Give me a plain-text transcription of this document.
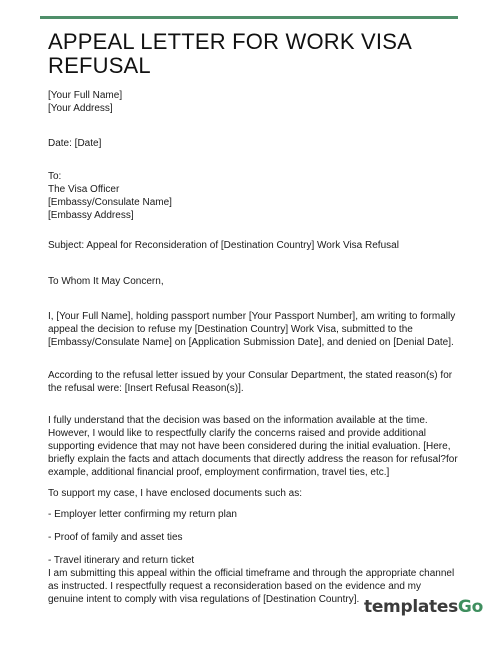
APPEAL LETTER FOR WORK VISA
REFUSAL

[Your Full Name]

[Your Address]

Date: [Date]

To:

The Visa Officer

[Embassy/Consulate Name]

[Embassy Address]

Subject: Appeal for Reconsideration of [Destination Country] Work Visa Refusal

To Whom It May Concern,

I, [Your Full Name], holding passport number [Your Passport Number], am writing to formally

appeal the decision to refuse my [Destination Country] Work Visa, submitted to the

[Embassy/Consulate Name] on [Application Submission Date], and denied on [Denial Date].

According to the refusal letter issued by your Consular Department, the stated reason(s) for

the refusal were: [Insert Refusal Reason(s)].

I fully understand that the decision was based on the information available at the time.

However, I would like to respectfully clarify the concerns raised and provide additional

supporting evidence that may not have been considered during the initial evaluation. [Here,

briefly explain the facts and attach documents that directly address the reason for refusal?for

example, additional financial proof, employment confirmation, travel ties, etc.]

To support my case, I have enclosed documents such as:

- Employer letter confirming my return plan

- Proof of family and asset ties

- Travel itinerary and return ticket

I am submitting this appeal within the official timeframe and through the appropriate channel

as instructed. I respectfully request a reconsideration based on the evidence and my

genuine intent to comply with visa regulations of [Destination Country]. templatesGo
